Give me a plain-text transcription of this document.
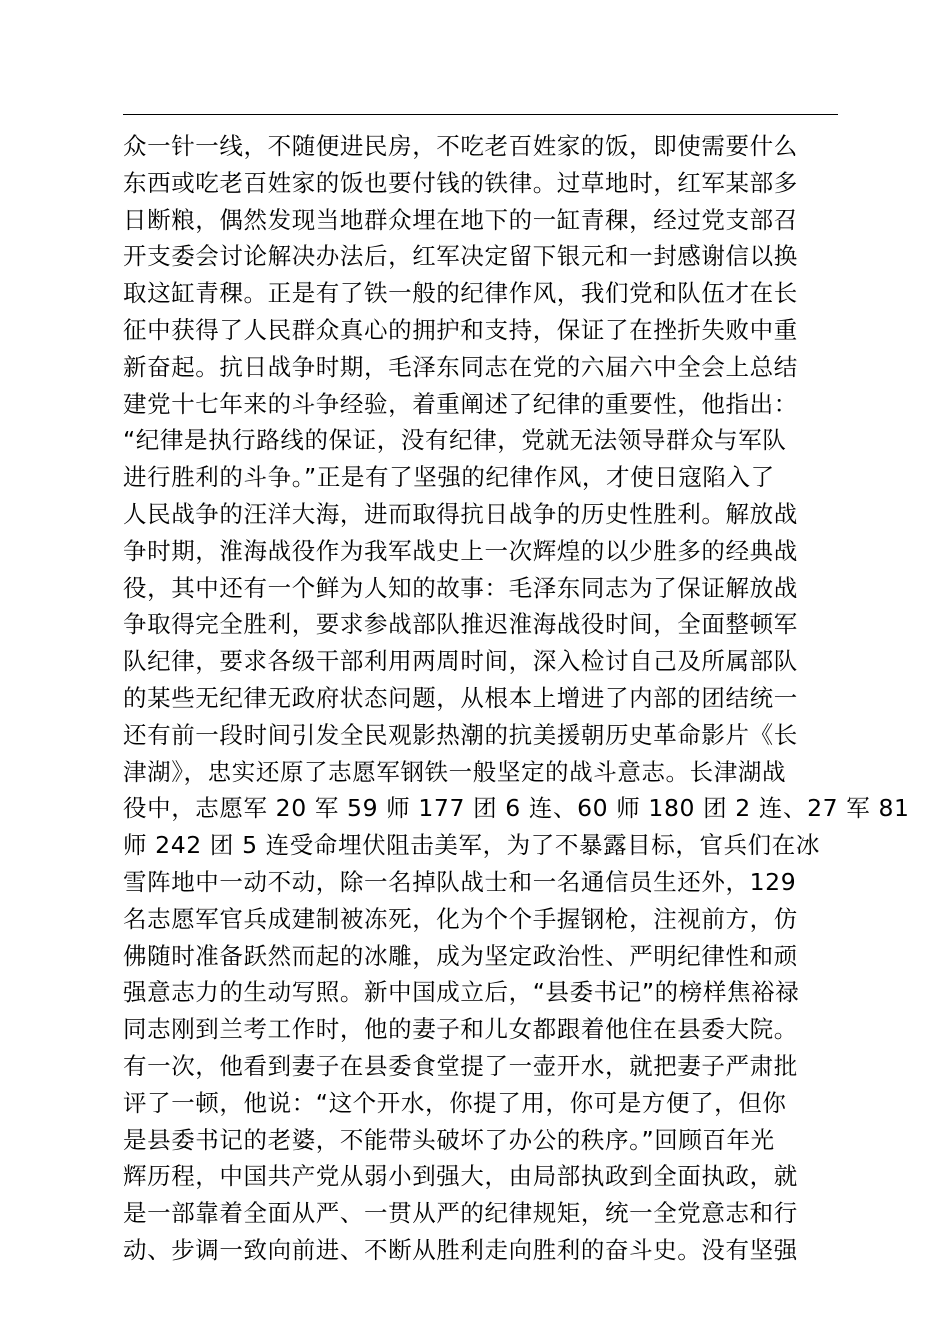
众一针一线，不随便进民房，不吃老百姓家的饭，即使需要什么
东西或吃老百姓家的饭也要付钱的铁律。过草地时，红军某部多
日断粮，偶然发现当地群众埋在地下的一缸青稞，经过党支部召
开支委会讨论解决办法后，红军决定留下银元和一封感谢信以换
取这缸青稞。正是有了铁一般的纪律作风，我们党和队伍才在长
征中获得了人民群众真心的拥护和支持，保证了在挫折失败中重
新奋起。抗日战争时期，毛泽东同志在党的六届六中全会上总结
建党十七年来的斗争经验，着重阐述了纪律的重要性，他指出：
“纪律是执行路线的保证，没有纪律，党就无法领导群众与军队
进行胜利的斗争。”正是有了坚强的纪律作风，才使日寇陷入了
人民战争的汪洋大海，进而取得抗日战争的历史性胜利。解放战
争时期，淮海战役作为我军战史上一次辉煌的以少胜多的经典战
役，其中还有一个鲜为人知的故事：毛泽东同志为了保证解放战
争取得完全胜利，要求参战部队推迟淮海战役时间，全面整顿军
队纪律，要求各级干部利用两周时间，深入检讨自己及所属部队
的某些无纪律无政府状态问题，从根本上增进了内部的团结统一
还有前一段时间引发全民观影热潮的抗美援朝历史革命影片《长
津湖》，忠实还原了志愿军钢铁一般坚定的战斗意志。长津湖战
役中，志愿军 20 军 59 师 177 团 6 连、60 师 180 团 2 连、27 军 81
师 242 团 5 连受命埋伏阻击美军，为了不暴露目标，官兵们在冰
雪阵地中一动不动，除一名掉队战士和一名通信员生还外，129
名志愿军官兵成建制被冻死，化为个个手握钢枪，注视前方，仿
佛随时准备跃然而起的冰雕，成为坚定政治性、严明纪律性和顽
强意志力的生动写照。新中国成立后，“县委书记”的榜样焦裕禄
同志刚到兰考工作时，他的妻子和儿女都跟着他住在县委大院。
有一次，他看到妻子在县委食堂提了一壶开水，就把妻子严肃批
评了一顿，他说：“这个开水，你提了用，你可是方便了，但你
是县委书记的老婆，不能带头破坏了办公的秩序。”回顾百年光
辉历程，中国共产党从弱小到强大，由局部执政到全面执政，就
是一部靠着全面从严、一贯从严的纪律规矩，统一全党意志和行
动、步调一致向前进、不断从胜利走向胜利的奋斗史。没有坚强
